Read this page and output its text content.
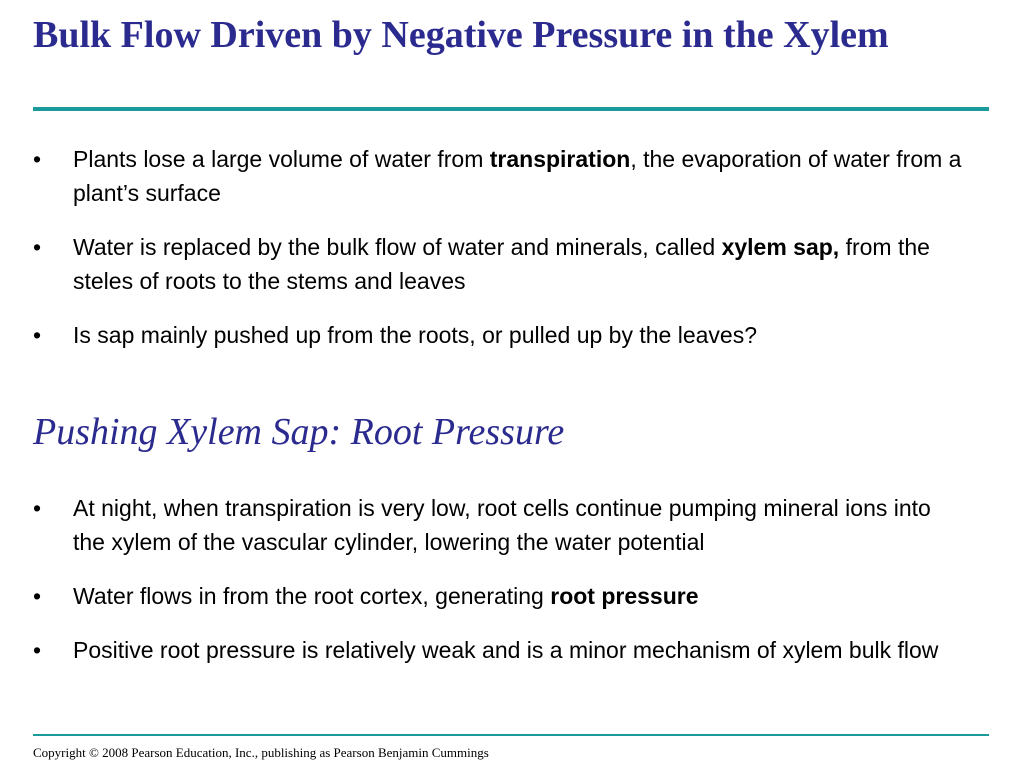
Bulk Flow Driven by Negative Pressure in the Xylem
•	Plants lose a large volume of water from transpiration, the evaporation of water from a plant’s surface
•	Water is replaced by the bulk flow of water and minerals, called xylem sap, from the steles of roots to the stems and leaves
•	Is sap mainly pushed up from the roots, or pulled up by the leaves?
Pushing Xylem Sap: Root Pressure
•	At night, when transpiration is very low, root cells continue pumping mineral ions into the xylem of the vascular cylinder, lowering the water potential
•	Water flows in from the root cortex, generating root pressure
•	Positive root pressure is relatively weak and is a minor mechanism of xylem bulk flow
Copyright © 2008 Pearson Education, Inc., publishing as Pearson Benjamin Cummings
